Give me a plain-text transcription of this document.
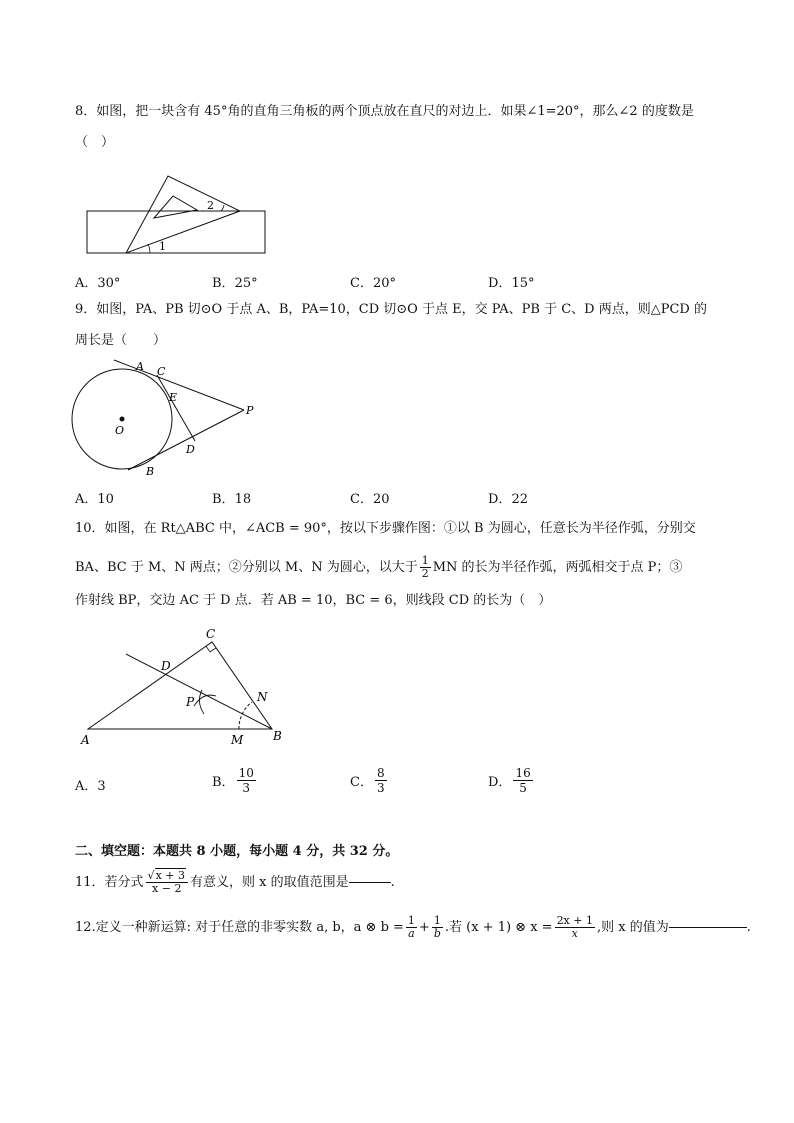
8．如图，把一块含有 45°角的直角三角板的两个顶点放在直尺的对边上．如果∠1=20°，那么∠2 的度数是
（　）
1
2
A．30°	B．25°	C．20°	D．15°
9．如图，PA、PB 切⊙O 于点 A、B，PA=10，CD 切⊙O 于点 E，交 PA、PB 于 C、D 两点，则△PCD 的
周长是（　　）
A C
E
O
P
D
B
A．10	B．18	C．20	D．22
10．如图，在 Rt△ABC 中，∠ACB = 90°，按以下步骤作图：①以 B 为圆心，任意长为半径作弧，分别交
BA、BC 于 M、N 两点；②分别以 M、N 为圆心，以大于 $\frac{1}{2}$ MN 的长为半径作弧，两弧相交于点 P；③
作射线 BP，交边 AC 于 D 点．若 AB = 10，BC = 6，则线段 CD 的长为（　）
C
D
P	N
A	M B
A．3	B． $\frac{10}{3}$	C． $\frac{8}{3}$	D． $\frac{16}{5}$
二、填空题：本题共 8 小题，每小题 4 分，共 32 分。
11．若分式 $\frac{√x + 3}{x - 2}$ 有意义，则 x 的取值范围是	.
12.定义一种新运算: 对于任意的非零实数 a, b，a ⊗ $b = \frac{1}{a} + \frac{1}{b}$ .若 (x + 1) ⊗ $x = \frac{2x + 1}{x}$ ,则 x 的值为	.
